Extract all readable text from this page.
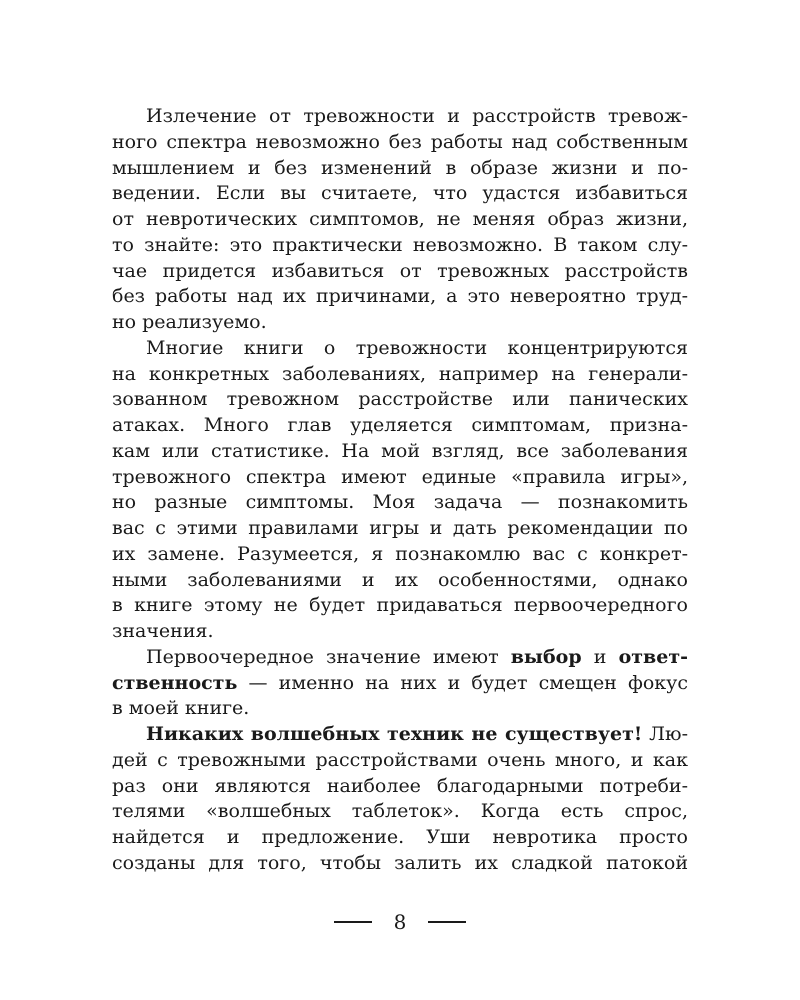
Излечение от тревожности и расстройств тревож-
ного спектра невозможно без работы над собственным
мышлением и без изменений в образе жизни и по-
ведении. Если вы считаете, что удастся избавиться
от невротических симптомов, не меняя образ жизни,
то знайте: это практически невозможно. В таком слу-
чае придется избавиться от тревожных расстройств
без работы над их причинами, а это невероятно труд-
но реализуемо.
Многие книги о тревожности концентрируются
на конкретных заболеваниях, например на генерали-
зованном тревожном расстройстве или панических
атаках. Много глав уделяется симптомам, призна-
кам или статистике. На мой взгляд, все заболевания
тревожного спектра имеют единые «правила игры»,
но разные симптомы. Моя задача — познакомить
вас с этими правилами игры и дать рекомендации по
их замене. Разумеется, я познакомлю вас с конкрет-
ными заболеваниями и их особенностями, однако
в книге этому не будет придаваться первоочередного
значения.
Первоочередное значение имеют выбор и ответ-
ственность — именно на них и будет смещен фокус
в моей книге.
Никаких волшебных техник не существует! Лю-
дей с тревожными расстройствами очень много, и как
раз они являются наиболее благодарными потреби-
телями «волшебных таблеток». Когда есть спрос,
найдется и предложение. Уши невротика просто
созданы для того, чтобы залить их сладкой патокой
8
